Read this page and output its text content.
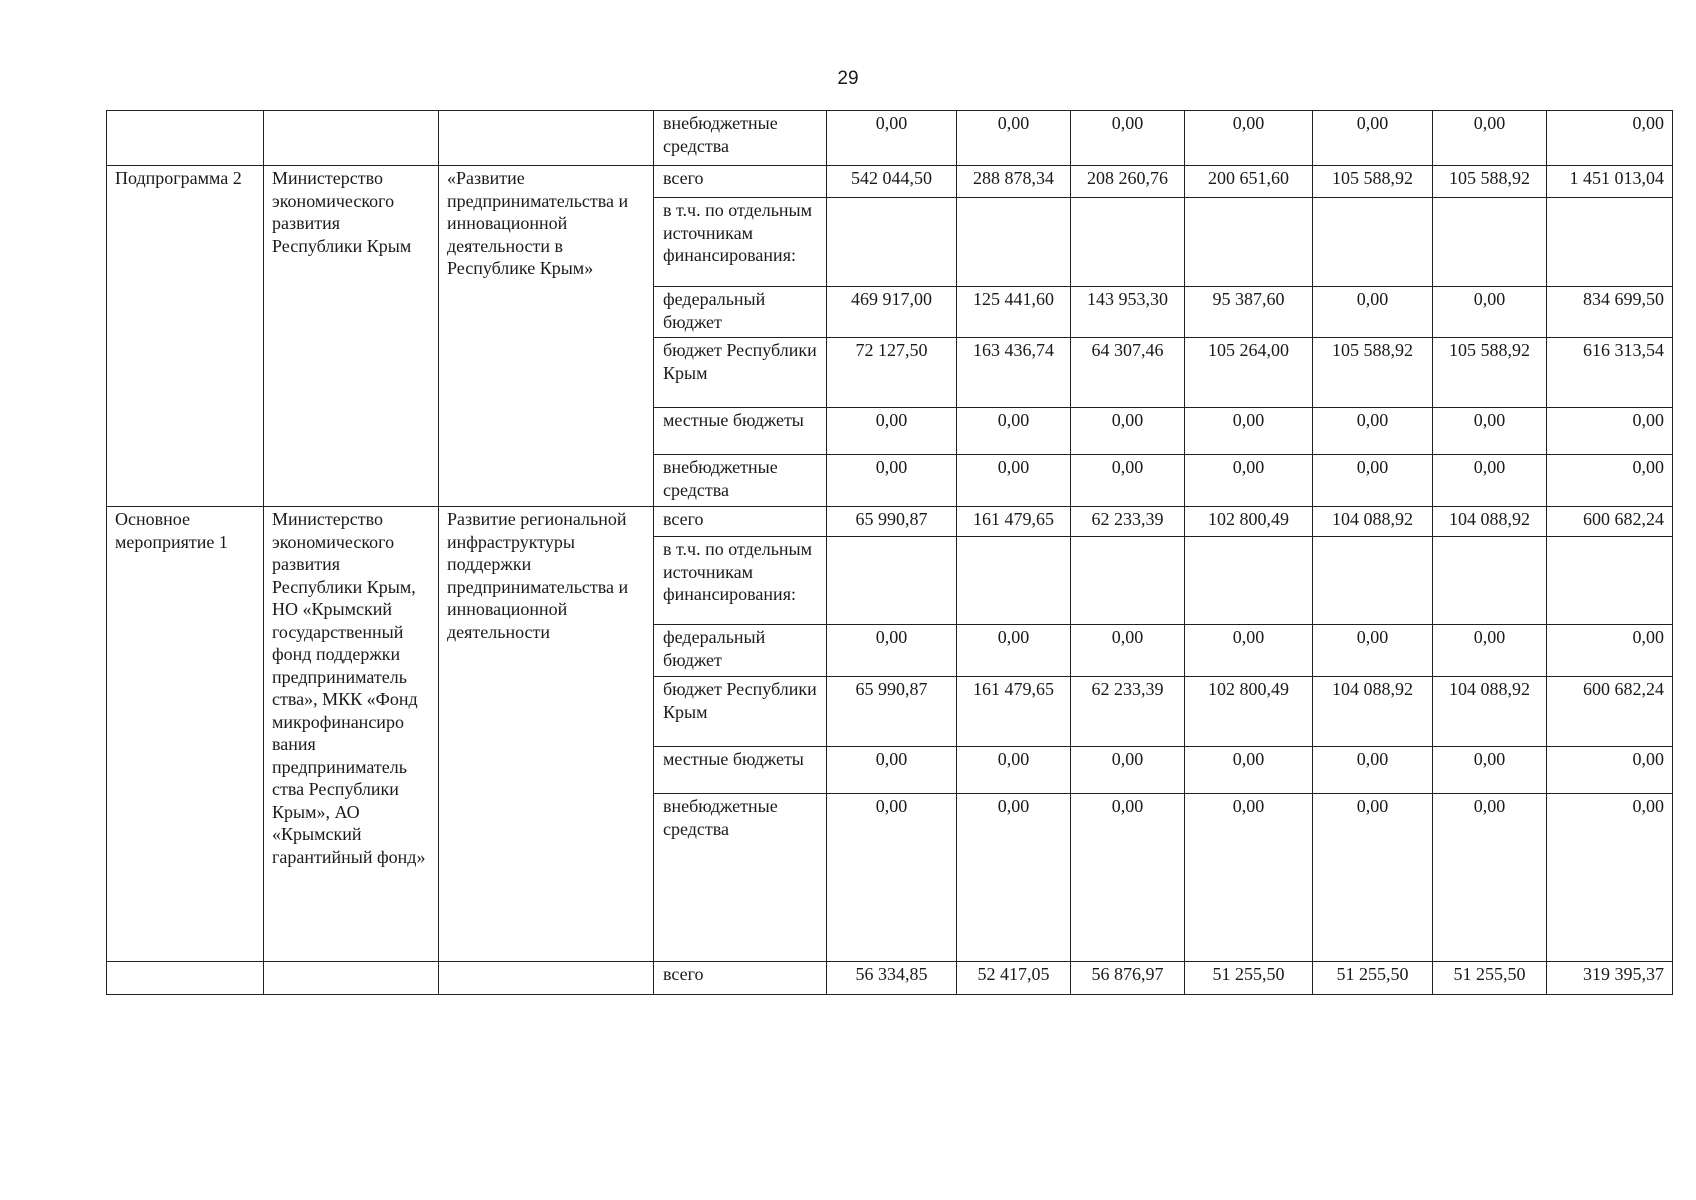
29
			внебюджетные средства	0,00	0,00	0,00	0,00	0,00	0,00	0,00
Подпрограмма 2	Министерство экономического развития Республики Крым	«Развитие предпринимательства и инновационной деятельности в Республике Крым»	всего	542 044,50	288 878,34	208 260,76	200 651,60	105 588,92	105 588,92	1 451 013,04
			в т.ч. по отдельным источникам финансирования:							
			федеральный бюджет	469 917,00	125 441,60	143 953,30	95 387,60	0,00	0,00	834 699,50
			бюджет Республики Крым	72 127,50	163 436,74	64 307,46	105 264,00	105 588,92	105 588,92	616 313,54
			местные бюджеты	0,00	0,00	0,00	0,00	0,00	0,00	0,00
			внебюджетные средства	0,00	0,00	0,00	0,00	0,00	0,00	0,00
Основное мероприятие 1	Министерство экономического развития Республики Крым, НО «Крымский государственный фонд поддержки предприниматель ства», МКК «Фонд микрофинансиро вания предприниматель ства Республики Крым», АО «Крымский гарантийный фонд»	Развитие региональной инфраструктуры поддержки предпринимательства и инновационной деятельности	всего	65 990,87	161 479,65	62 233,39	102 800,49	104 088,92	104 088,92	600 682,24
			в т.ч. по отдельным источникам финансирования:							
			федеральный бюджет	0,00	0,00	0,00	0,00	0,00	0,00	0,00
			бюджет Республики Крым	65 990,87	161 479,65	62 233,39	102 800,49	104 088,92	104 088,92	600 682,24
			местные бюджеты	0,00	0,00	0,00	0,00	0,00	0,00	0,00
			внебюджетные средства	0,00	0,00	0,00	0,00	0,00	0,00	0,00
			всего	56 334,85	52 417,05	56 876,97	51 255,50	51 255,50	51 255,50	319 395,37
